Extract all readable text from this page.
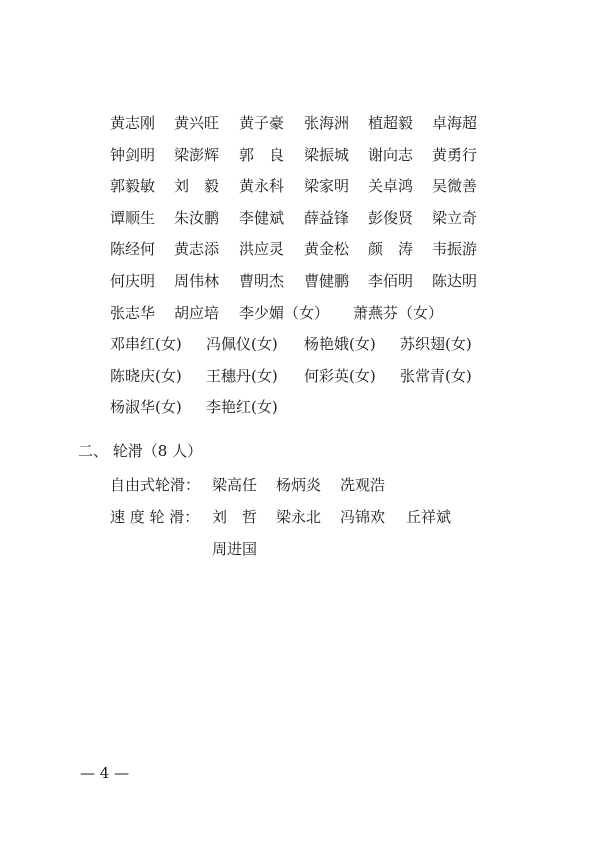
黄志刚 黄兴旺 黄子豪 张海洲 植超毅 卓海超
钟剑明 梁澎辉 郭　良 梁振城 谢向志 黄勇行
郭毅敏 刘　毅 黄永科 梁家明 关卓鸿 吴微善
谭顺生 朱汝鹏 李健斌 薛益锋 彭俊贤 梁立奇
陈经何 黄志添 洪应灵 黄金松 颜　涛 韦振游
何庆明 周伟林 曹明杰 曹健鹏 李佰明 陈达明
张志华 胡应培 李少媚（女） 萧燕芬（女）
邓串红(女) 冯佩仪(女) 杨艳娥(女) 苏织翅(女)
陈晓庆(女) 王穗丹(女) 何彩英(女) 张常青(女)
杨淑华(女) 李艳红(女)
二、 轮滑（8 人）
自由式轮滑： 梁高任 杨炳炎 冼观浩
速 度 轮 滑： 刘　哲 梁永北 冯锦欢 丘祥斌
周进国
— 4 —
